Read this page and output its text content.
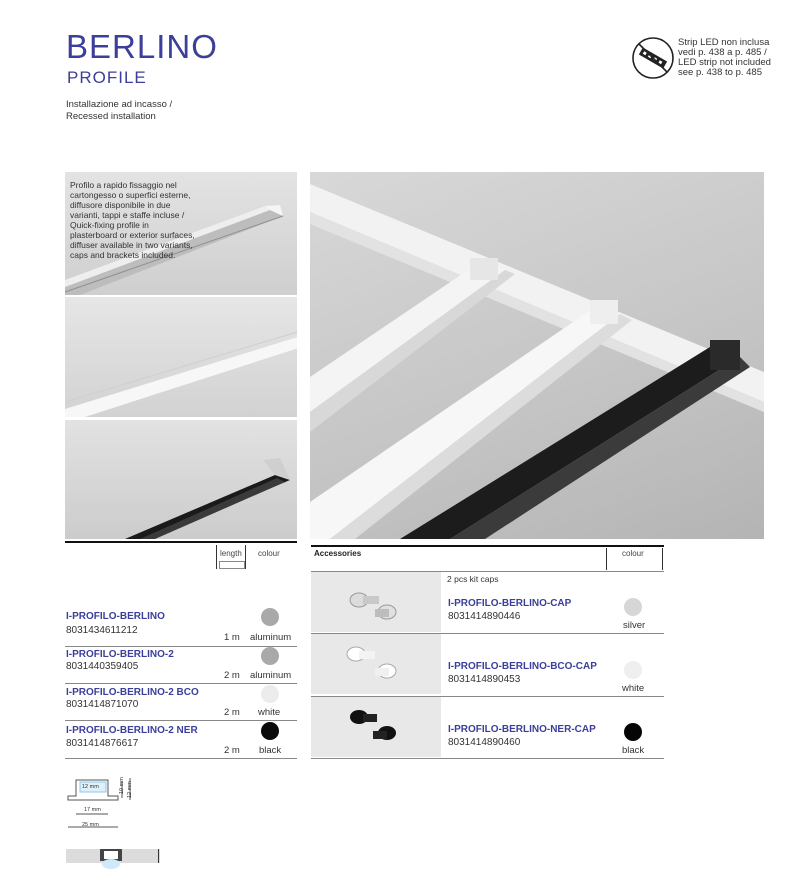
BERLINO
PROFILE
Installazione ad incasso /
Recessed installation
Strip LED non inclusa
vedi p. 438 a p. 485 /
LED strip not included
see p. 438 to p. 485
Profilo a rapido fissaggio nel
cartongesso o superfici esterne,
diffusore disponibile in due
varianti, tappi e staffe incluse /
Quick-fixing profile in
plasterboard or exterior surfaces,
diffuser available in two variants,
caps and brackets included.
length colour
I-PROFILO-BERLINO
8031434611212
1 m aluminum
I-PROFILO-BERLINO-2
8031440359405
2 m aluminum
I-PROFILO-BERLINO-2 BCO
8031414871070
2 m white
I-PROFILO-BERLINO-2 NER
8031414876617
2 m black
Accessories	colour
2 pcs kit caps
I-PROFILO-BERLINO-CAP
8031414890446
silver
I-PROFILO-BERLINO-BCO-CAP
8031414890453
white
I-PROFILO-BERLINO-NER-CAP
8031414890460
black
12 mm	10 mm 12 mm
17 mm
25 mm
